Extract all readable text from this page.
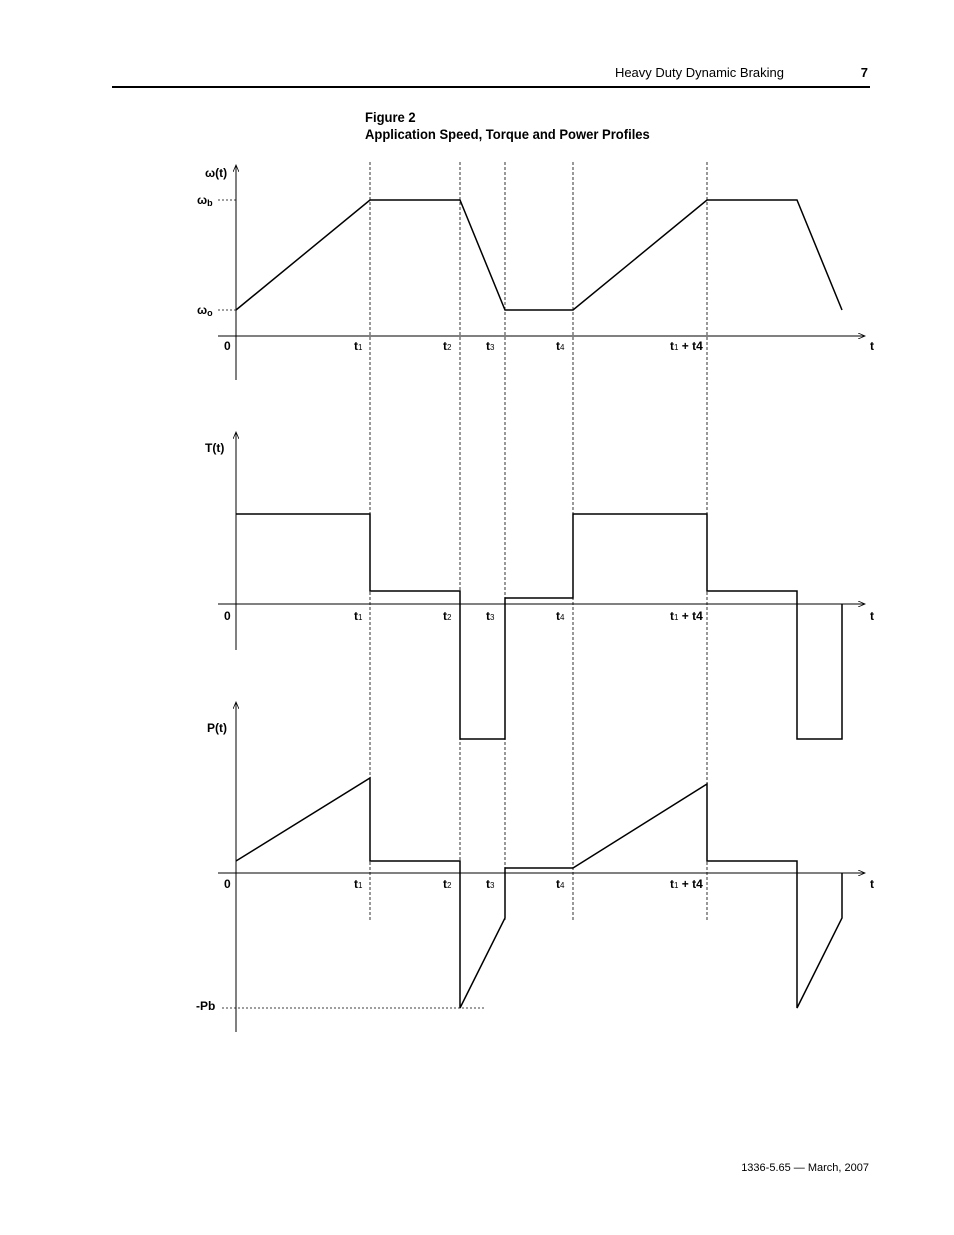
Heavy Duty Dynamic Braking	7
Figure 2
Application Speed, Torque and Power Profiles
ω(t)
ωb
ωo
0	t1	t2	t3	t4	t1 + t4	t
T(t)
0	t1	t2	t3	t4	t1 + t4	t
P(t)
-Pb
0	t1	t2	t3	t4	t1 + t4	t
1336-5.65 — March, 2007
